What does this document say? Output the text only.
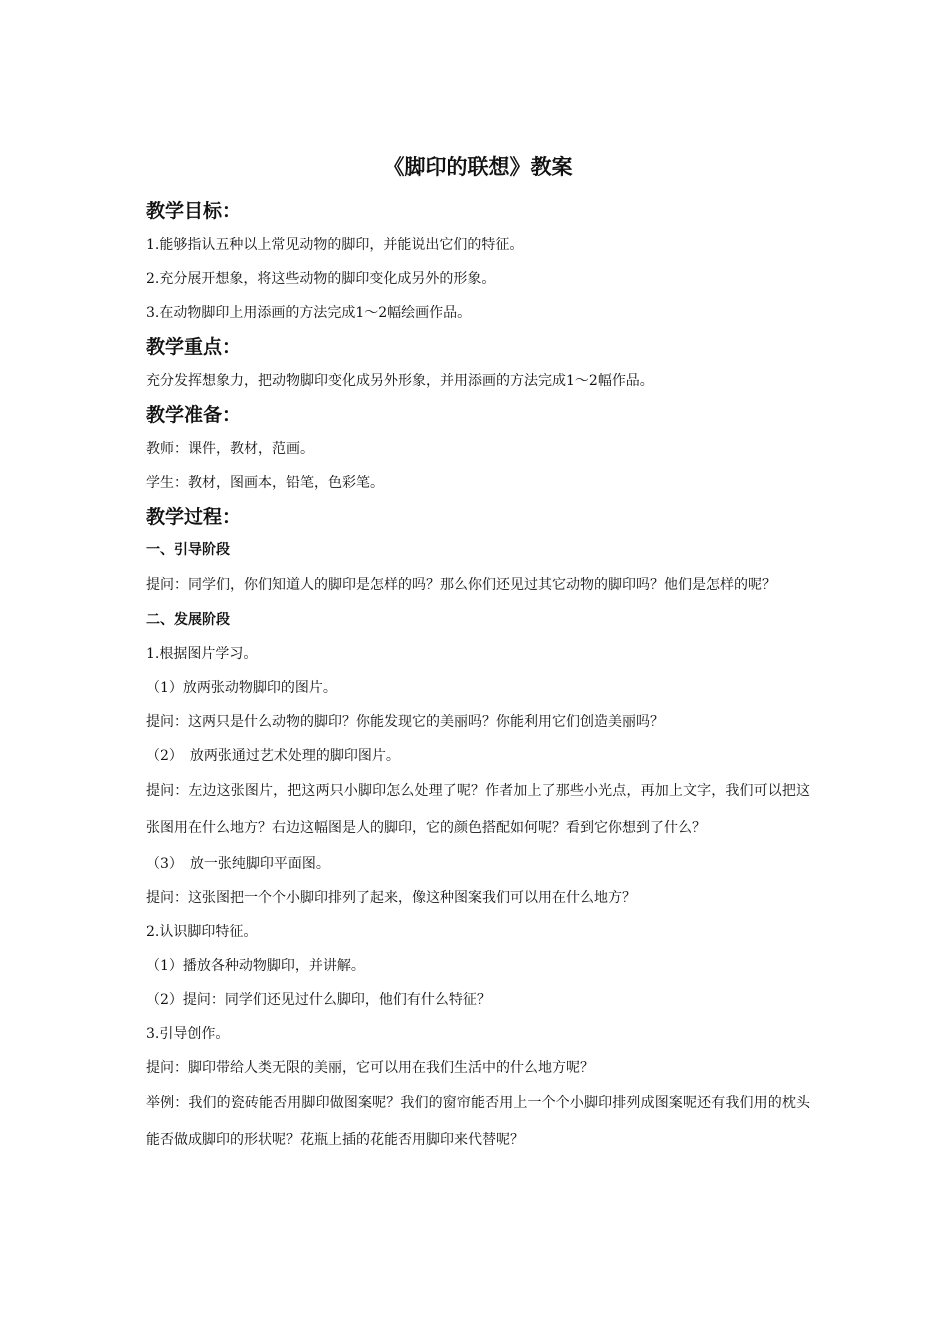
《脚印的联想》教案
教学目标：
1.能够指认五种以上常见动物的脚印，并能说出它们的特征。
2.充分展开想象，将这些动物的脚印变化成另外的形象。
3.在动物脚印上用添画的方法完成1～2幅绘画作品。
教学重点：
充分发挥想象力，把动物脚印变化成另外形象，并用添画的方法完成1～2幅作品。
教学准备：
教师：课件，教材，范画。
学生：教材，图画本，铅笔，色彩笔。
教学过程：
一、引导阶段
提问：同学们，你们知道人的脚印是怎样的吗？那么你们还见过其它动物的脚印吗？他们是怎样的呢？
二、发展阶段
1.根据图片学习。
（1）放两张动物脚印的图片。
提问：这两只是什么动物的脚印？你能发现它的美丽吗？你能利用它们创造美丽吗？
（2）　放两张通过艺术处理的脚印图片。
提问：左边这张图片，把这两只小脚印怎么处理了呢？作者加上了那些小光点，再加上文字，我们可以把这张图用在什么地方？右边这幅图是人的脚印，它的颜色搭配如何呢？看到它你想到了什么？
（3）　放一张纯脚印平面图。
提问：这张图把一个个小脚印排列了起来，像这种图案我们可以用在什么地方？
2.认识脚印特征。
（1）播放各种动物脚印，并讲解。
（2）提问：同学们还见过什么脚印，他们有什么特征？
3.引导创作。
提问：脚印带给人类无限的美丽，它可以用在我们生活中的什么地方呢？
举例：我们的瓷砖能否用脚印做图案呢？我们的窗帘能否用上一个个小脚印排列成图案呢还有我们用的枕头能否做成脚印的形状呢？花瓶上插的花能否用脚印来代替呢？
